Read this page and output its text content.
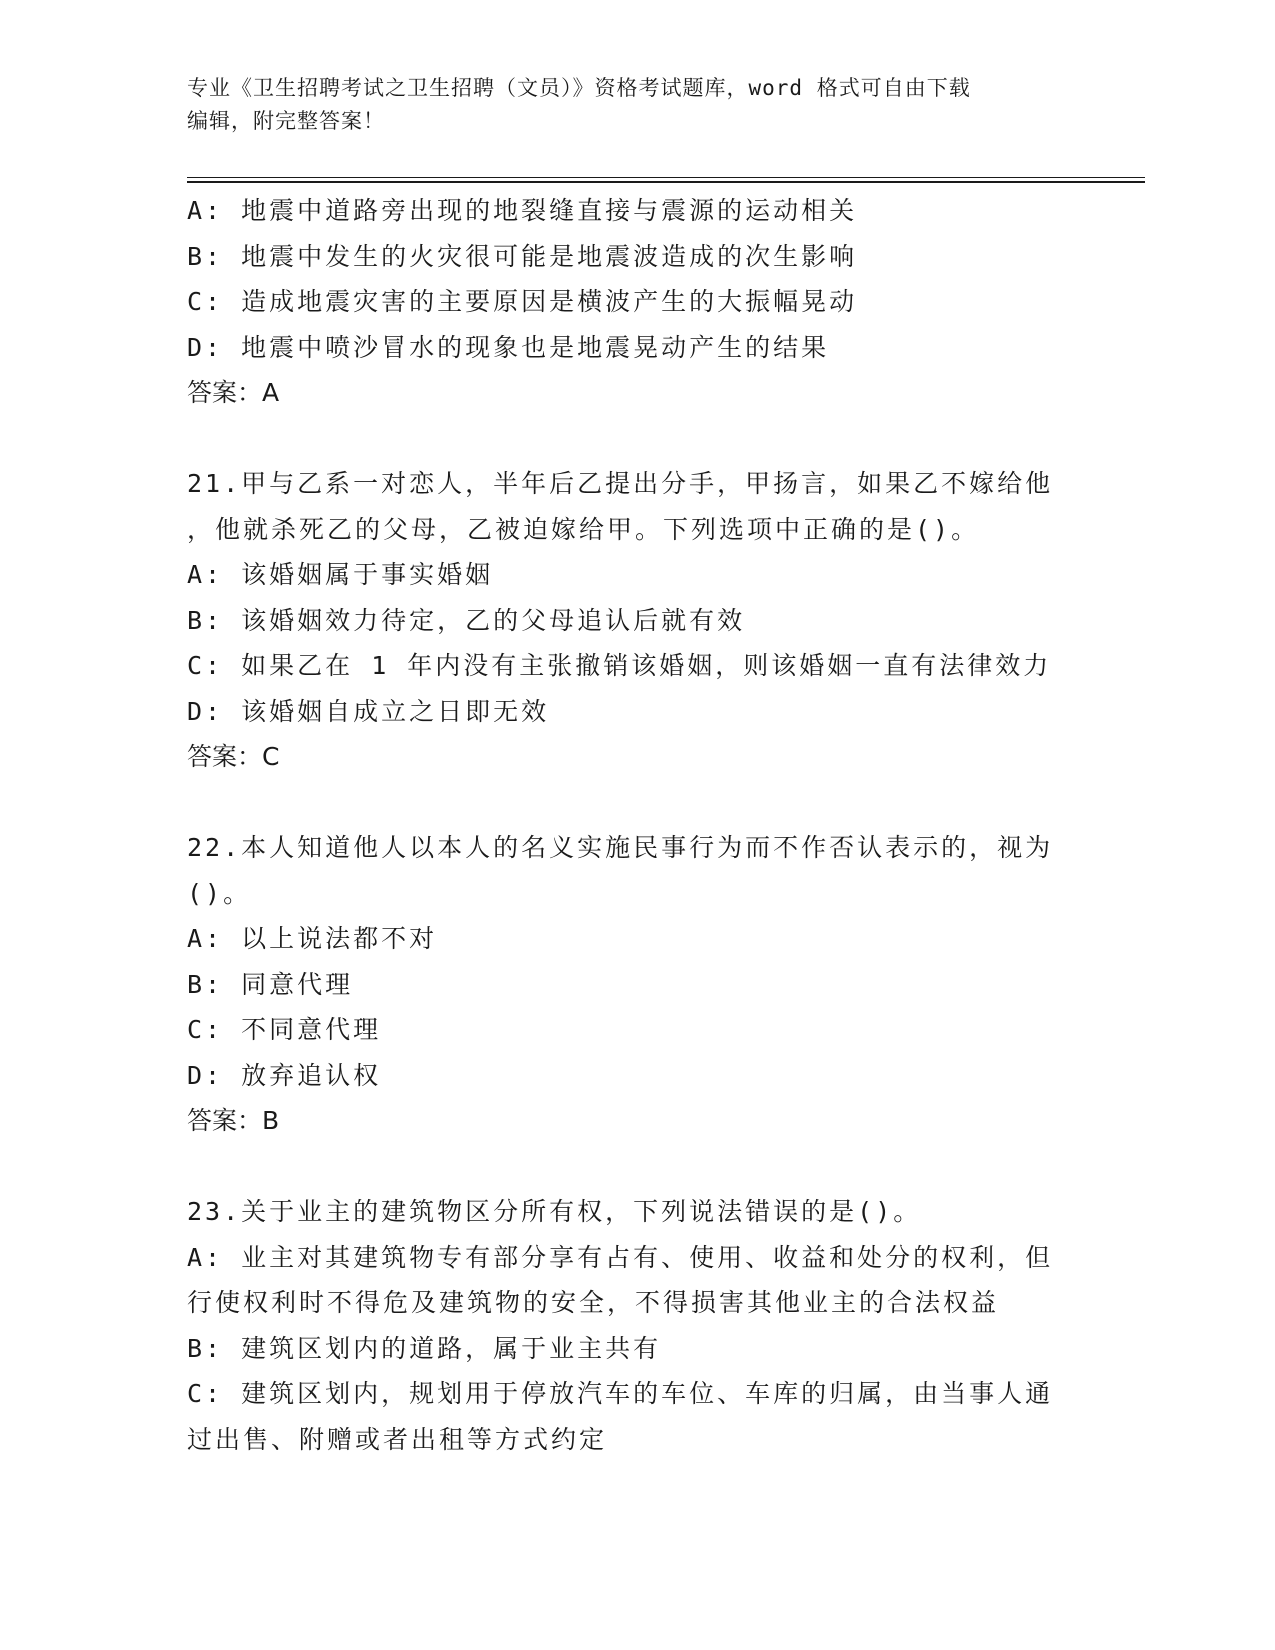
专业《卫生招聘考试之卫生招聘（文员）》资格考试题库，word 格式可自由下载
编辑，附完整答案！
A: 地震中道路旁出现的地裂缝直接与震源的运动相关
B: 地震中发生的火灾很可能是地震波造成的次生影响
C: 造成地震灾害的主要原因是横波产生的大振幅晃动
D: 地震中喷沙冒水的现象也是地震晃动产生的结果
答案：A
21.甲与乙系一对恋人，半年后乙提出分手，甲扬言，如果乙不嫁给他
，他就杀死乙的父母，乙被迫嫁给甲。下列选项中正确的是()。
A: 该婚姻属于事实婚姻
B: 该婚姻效力待定，乙的父母追认后就有效
C: 如果乙在 1 年内没有主张撤销该婚姻，则该婚姻一直有法律效力
D: 该婚姻自成立之日即无效
答案：C
22.本人知道他人以本人的名义实施民事行为而不作否认表示的，视为
()。
A: 以上说法都不对
B: 同意代理
C: 不同意代理
D: 放弃追认权
答案：B
23.关于业主的建筑物区分所有权，下列说法错误的是()。
A: 业主对其建筑物专有部分享有占有、使用、收益和处分的权利，但
行使权利时不得危及建筑物的安全，不得损害其他业主的合法权益
B: 建筑区划内的道路，属于业主共有
C: 建筑区划内，规划用于停放汽车的车位、车库的归属，由当事人通
过出售、附赠或者出租等方式约定
